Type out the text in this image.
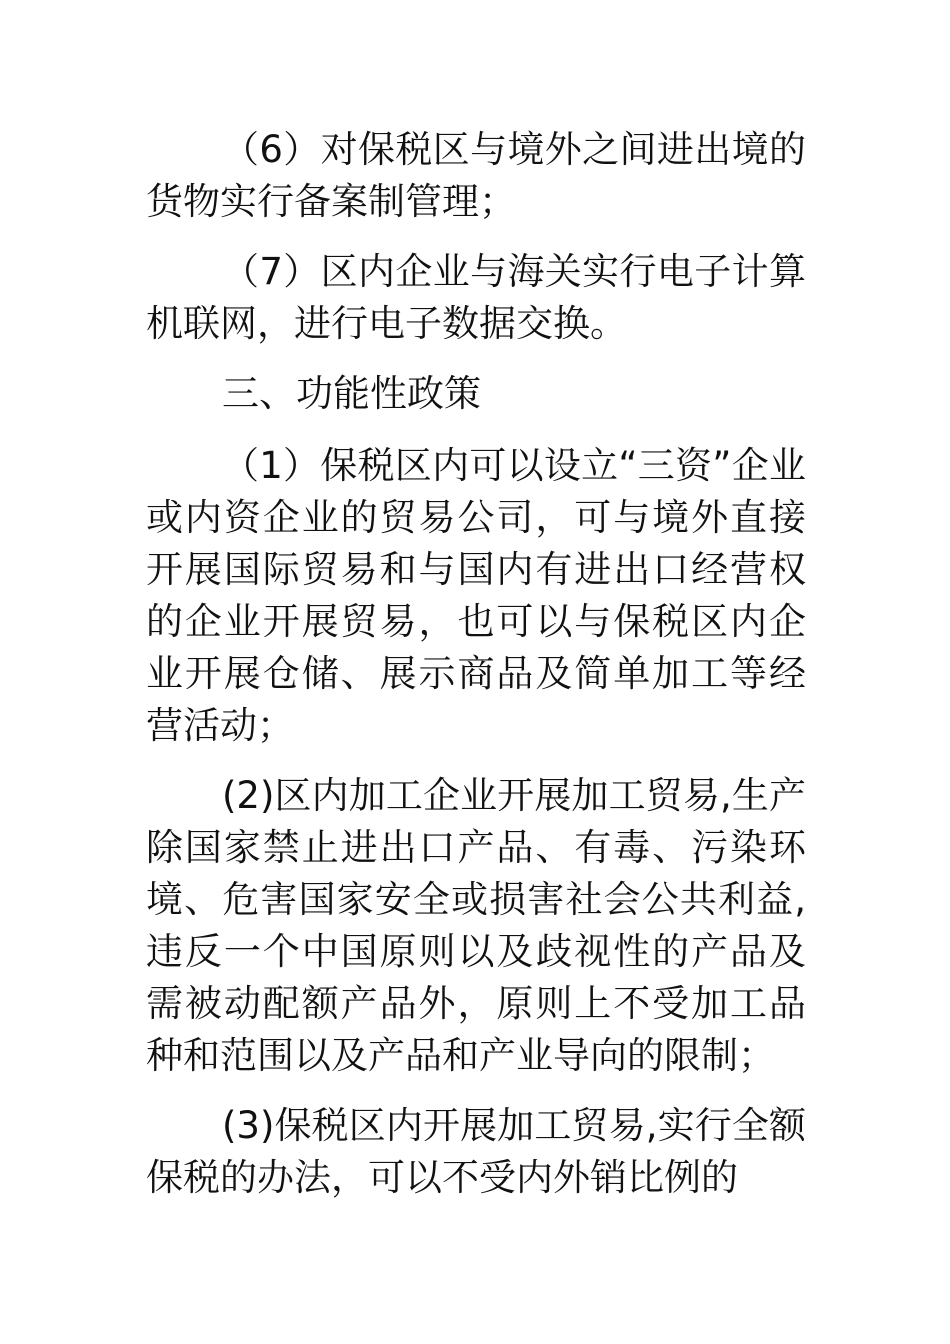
（6）对保税区与境外之间进出境的货物实行备案制管理；

（7）区内企业与海关实行电子计算机联网，进行电子数据交换。

三、功能性政策

（1）保税区内可以设立“三资”企业或内资企业的贸易公司，可与境外直接开展国际贸易和与国内有进出口经营权的企业开展贸易，也可以与保税区内企业开展仓储、展示商品及简单加工等经营活动；

(2)区内加工企业开展加工贸易,生产除国家禁止进出口产品、有毒、污染环境、危害国家安全或损害社会公共利益,违反一个中国原则以及歧视性的产品及需被动配额产品外，原则上不受加工品种和范围以及产品和产业导向的限制；

(3)保税区内开展加工贸易,实行全额保税的办法，可以不受内外销比例的
